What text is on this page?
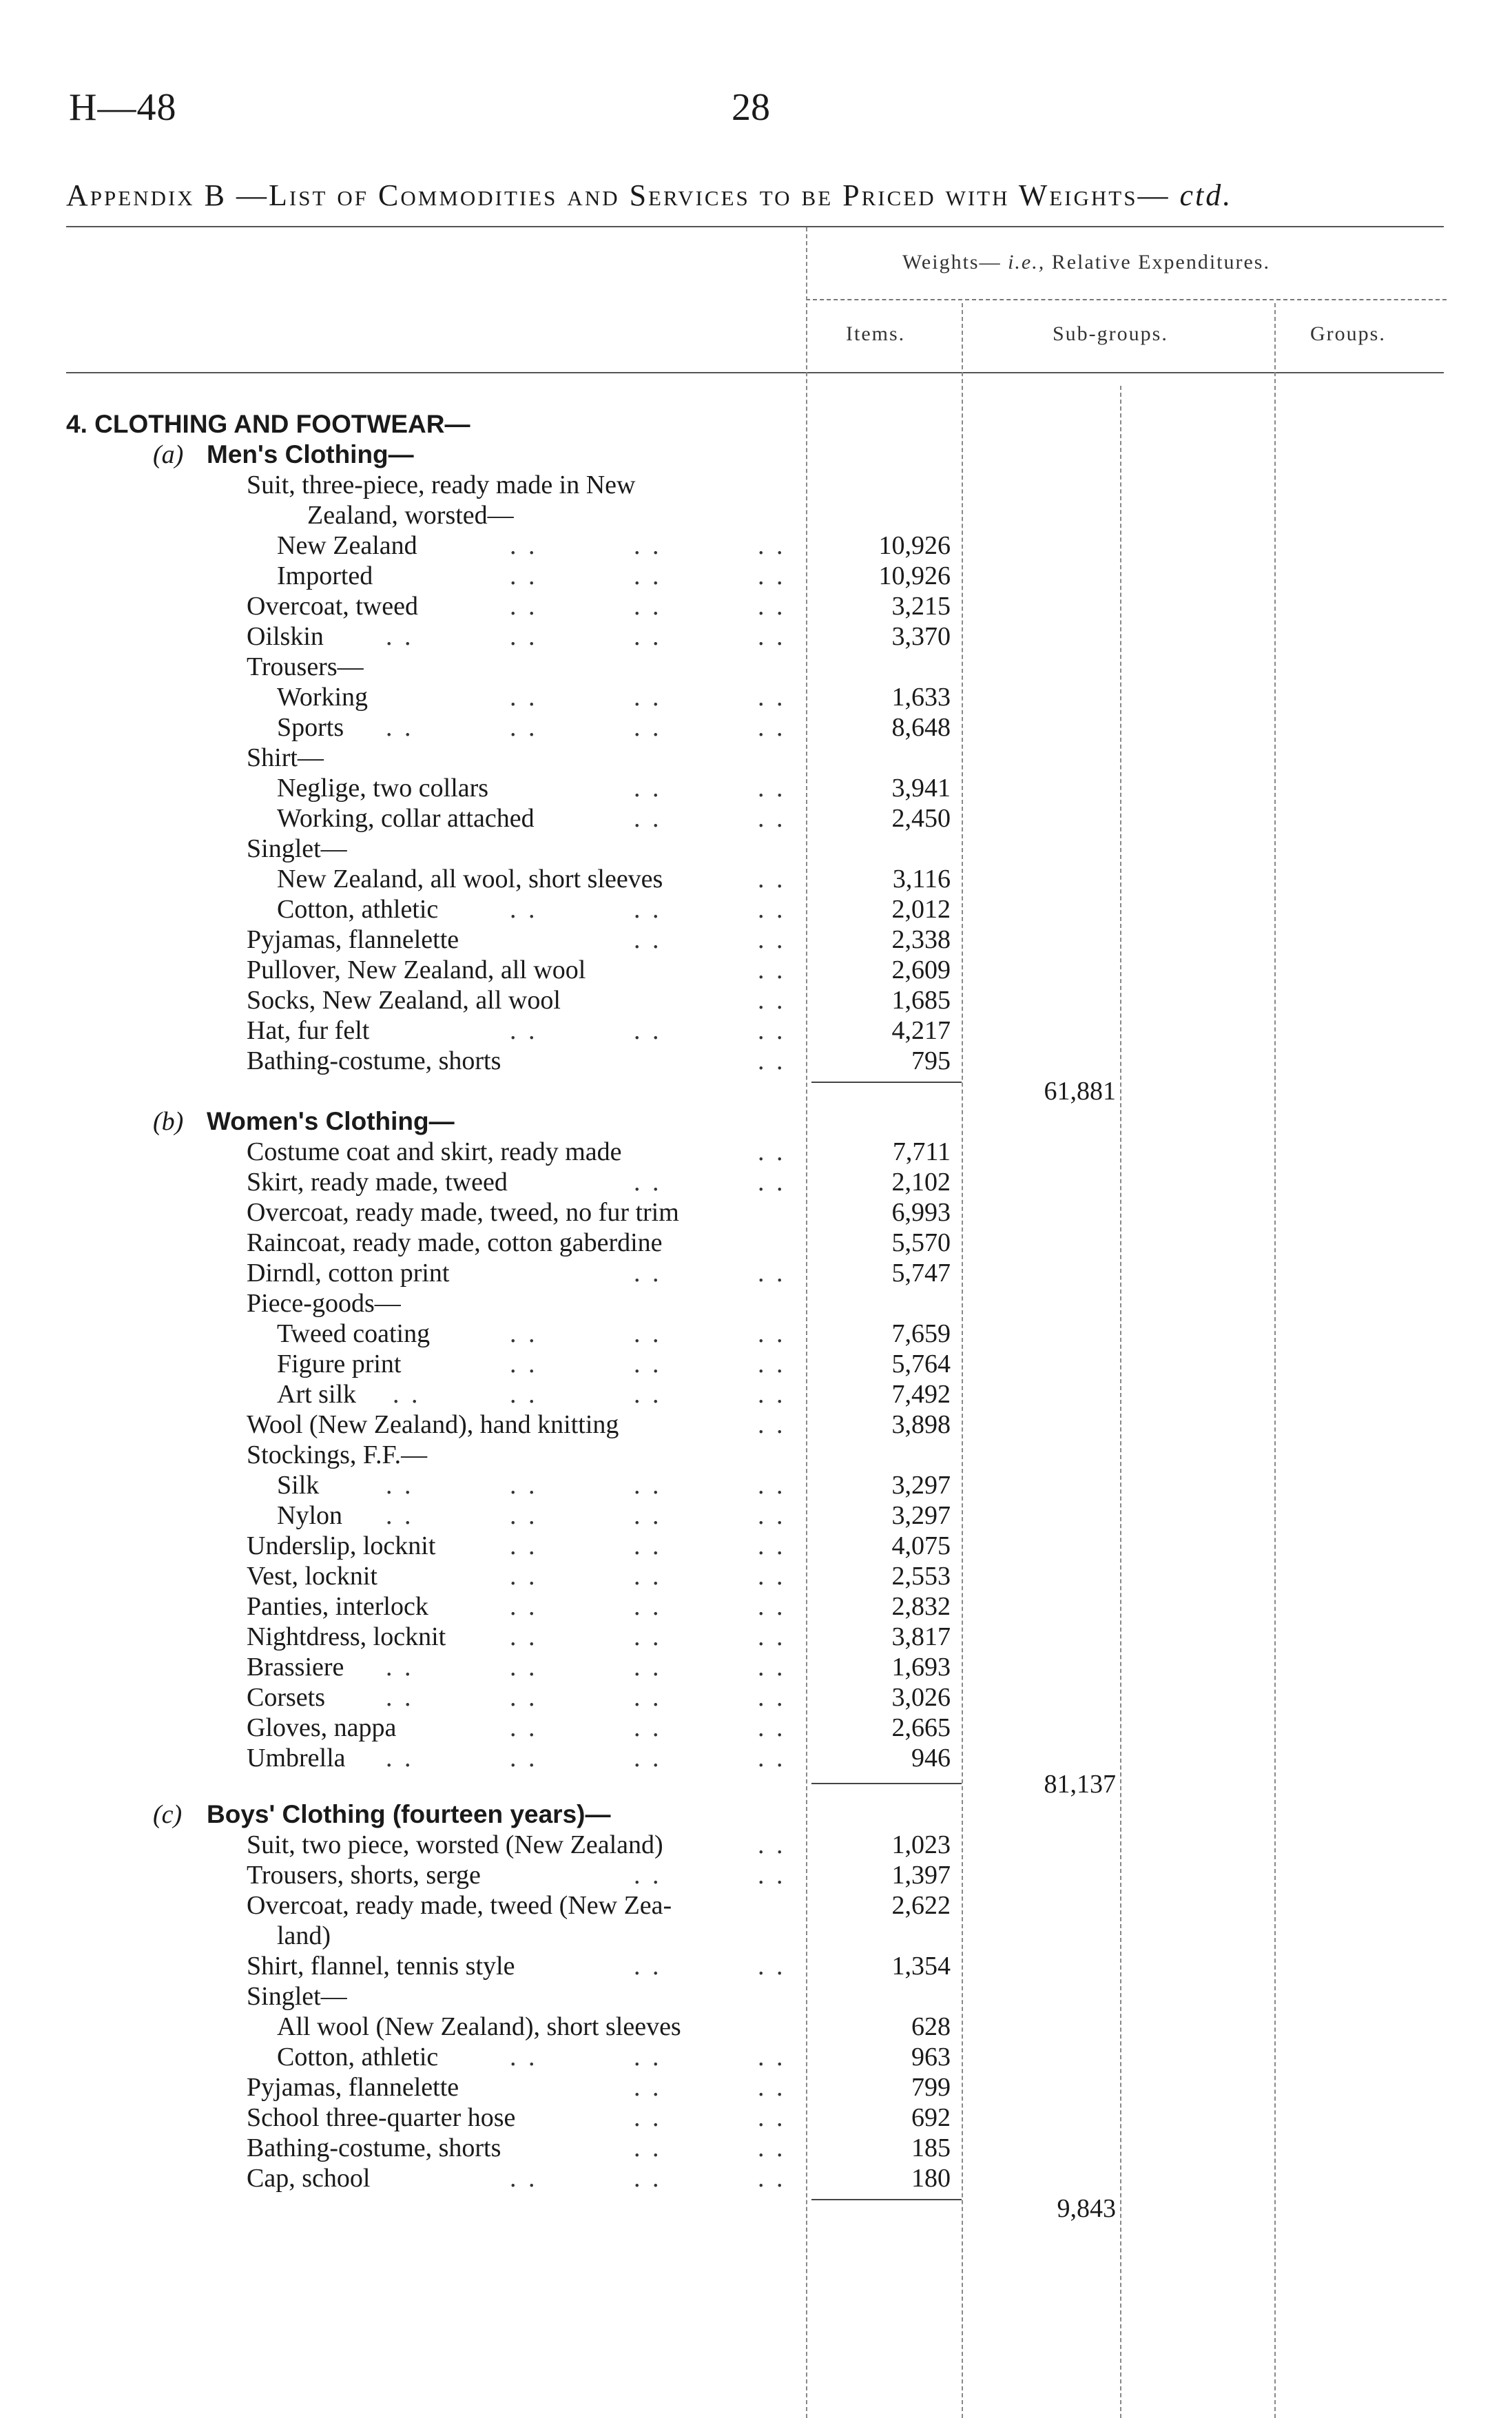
H—48	28
Appendix B —List of Commodities and Services to be Priced with Weights— ctd.
Weights— i.e., Relative Expenditures.
Items.	Sub-groups.	Groups.
4. CLOTHING AND FOOTWEAR—
(a) Men's Clothing—
Suit, three-piece, ready made in New
Zealand, worsted—
New Zealand	. .	. .	. .	10,926
Imported	. .	. .	. .	10,926
Overcoat, tweed	. .	. .	. .	3,215
Oilskin . .	. .	. .	. .	3,370
Trousers—
Working	. .	. .	. .	1,633
Sports . .	. .	. .	. .	8,648
Shirt—
Neglige, two collars	. .	. .	3,941
Working, collar attached	. .	. .	2,450
Singlet—
New Zealand, all wool, short sleeves	. .	3,116
Cotton, athletic	. .	. .	. .	2,012
Pyjamas, flannelette	. .	. .	2,338
Pullover, New Zealand, all wool	. .	2,609
Socks, New Zealand, all wool	. .	1,685
Hat, fur felt	. .	. .	. .	4,217
Bathing-costume, shorts	. .	795
61,881
(b) Women's Clothing—
Costume coat and skirt, ready made	. .	7,711
Skirt, ready made, tweed	. .	. .	2,102
Overcoat, ready made, tweed, no fur trim	6,993
Raincoat, ready made, cotton gaberdine	5,570
Dirndl, cotton print	. .	. .	5,747
Piece-goods—
Tweed coating	. .	. .	. .	7,659
Figure print	. .	. .	. .	5,764
Art silk . .	. .	. .	. .	7,492
Wool (New Zealand), hand knitting	. .	3,898
Stockings, F.F.—
Silk	. .	. .	. .	. .	3,297
Nylon . .	. .	. .	. .	3,297
Underslip, locknit	. .	. .	. .	4,075
Vest, locknit	. .	. .	. .	2,553
Panties, interlock	. .	. .	. .	2,832
Nightdress, locknit . .	. .	. .	3,817
Brassiere . .	. .	. .	. .	1,693
Corsets . .	. .	. .	. .	3,026
Gloves, nappa	. .	. .	. .	2,665
Umbrella . .	. .	. .	. .	946
81,137
(c) Boys' Clothing (fourteen years)—
Suit, two piece, worsted (New Zealand)	. .	1,023
Trousers, shorts, serge	. .	. .	1,397
Overcoat, ready made, tweed (New Zea-	2,622
land)
Shirt, flannel, tennis style	. .	. .	1,354
Singlet—
All wool (New Zealand), short sleeves	628
Cotton, athletic	. .	. .	. .	963
Pyjamas, flannelette	. .	. .	799
School three-quarter hose	. .	. .	692
Bathing-costume, shorts	. .	. .	185
Cap, school	. .	. .	. .	180
9,843
